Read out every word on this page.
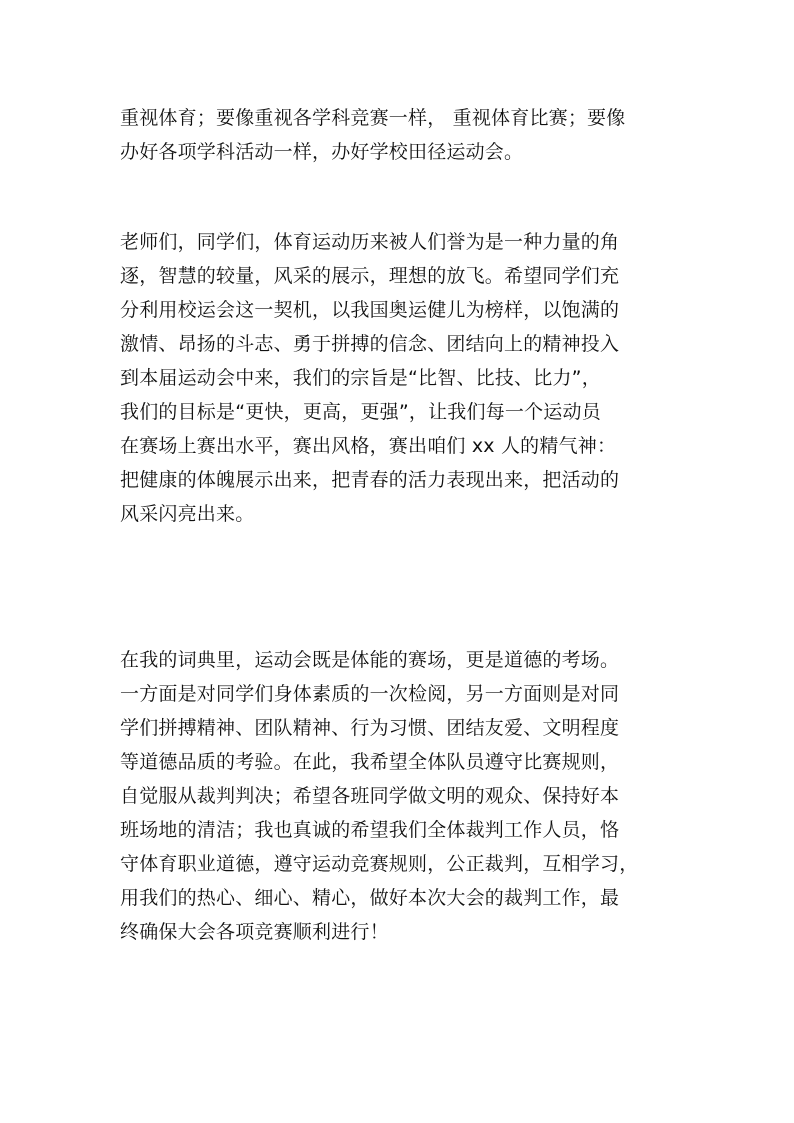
重视体育；要像重视各学科竞赛一样， 重视体育比赛；要像
办好各项学科活动一样，办好学校田径运动会。
老师们，同学们，体育运动历来被人们誉为是一种力量的角
逐，智慧的较量，风采的展示，理想的放飞。希望同学们充
分利用校运会这一契机，以我国奥运健儿为榜样，以饱满的
激情、昂扬的斗志、勇于拼搏的信念、团结向上的精神投入
到本届运动会中来，我们的宗旨是“比智、比技、比力”，
我们的目标是“更快，更高，更强”，让我们每一个运动员
在赛场上赛出水平，赛出风格，赛出咱们 xx 人的精气神：
把健康的体魄展示出来，把青春的活力表现出来，把活动的
风采闪亮出来。
在我的词典里，运动会既是体能的赛场，更是道德的考场。
一方面是对同学们身体素质的一次检阅，另一方面则是对同
学们拼搏精神、团队精神、行为习惯、团结友爱、文明程度
等道德品质的考验。在此，我希望全体队员遵守比赛规则，
自觉服从裁判判决；希望各班同学做文明的观众、保持好本
班场地的清洁；我也真诚的希望我们全体裁判工作人员，恪
守体育职业道德，遵守运动竞赛规则，公正裁判，互相学习，
用我们的热心、细心、精心，做好本次大会的裁判工作，最
终确保大会各项竞赛顺利进行！
